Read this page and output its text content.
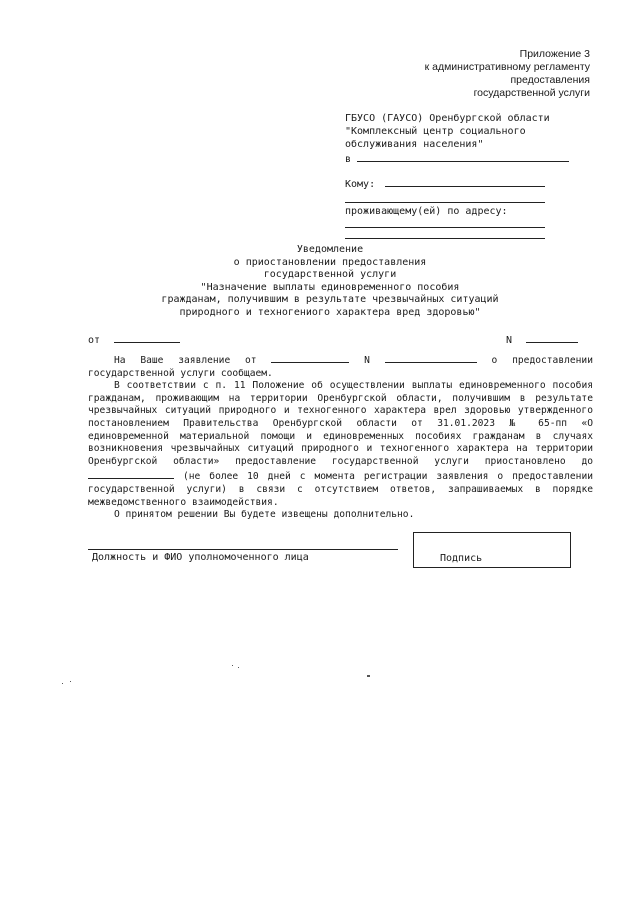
Приложение 3
к административному регламенту
предоставления
государственной услуги
ГБУСО (ГАУСО) Оренбургской области
"Комплексный центр социального
обслуживания населения"
в
Кому:
проживающему(ей) по адресу:
Уведомление
о приостановлении предоставления
государственной услуги
"Назначение выплаты единовременного пособия
гражданам, получившим в результате чрезвычайных ситуаций
природного и техногениого характера вред здоровью"
от	N

На Ваше заявление от	N	о предоставлении государственной услуги сообщаем.

В соответствии с п. 11 Положение об осуществлении выплаты единовременного пособия гражданам, проживающим на территории Оренбургской области, получившим в результате чрезвычайных ситуаций природного и техногенного характера врел здоровью утвержденного постановлением Правительства Оренбургской области от 31.01.2023 № 65-пп «О единовременной материальной помощи и единовременных пособиях гражданам в случаях возникновения чрезвычайных ситуаций природного и техногенного характера на территории Оренбургской области» предоставление государственной услуги приостановлено до  (не более 10 дней с момента регистрации заявления о предоставлении государственной услуги) в связи с отсутствием ответов, запрашиваемых в порядке межведомственного взаимодействия.

О принятом решении Вы будете извещены дополнительно.

Должность и ФИО уполномоченного лица	Подпись
